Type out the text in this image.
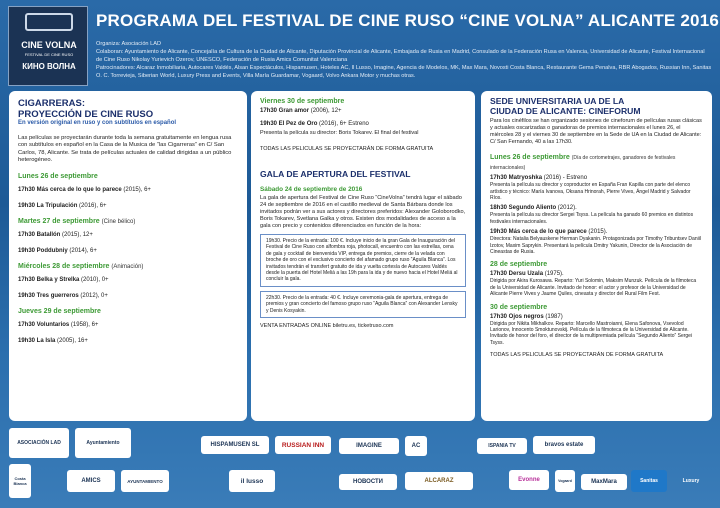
CINE VOLNA
FESTIVAL DE CINE RUSO
КИНО ВОЛНА
PROGRAMA DEL FESTIVAL DE CINE RUSO “CINE VOLNA” ALICANTE 2016

Organiza: Asociación LAD

Colaboran: Ayuntamiento de Alicante, Concejalía de Cultura de la Ciudad de Alicante, Diputación Provincial de Alicante, Embajada de Rusia en Madrid, Consulado de la Federación Rusa en Valencia, Universidad de Alicante, Festival Internacional de Cine Ruso Nikolay Yurievich Ozerov, UNESCO, Federación de Rusia Amics Comunitat Valenciana

Patrocinadores: Alcaraz Inmobiliaria, Autocares Valdés, Alsan Espectáculos, Hispamusen, Hoteles AC, Il Lusso, Imagine, Agencia de Modelos, MK, Max Mara, Novosti Costa Blanca, Restaurante Gema Penalva, RBR Abogados, Russian Inn, Sanitas O. C. Torrevieja, Siberian World, Luxury Press and Events, Villa María Guardamar, Vogaard, Volvo Ankara Motor y muchas otras.

CIGARRERAS:
PROYECCIÓN DE CINE RUSO
En versión original en ruso y con subtítulos en español
Las películas se proyectarán durante toda la semana gratuitamente en lengua rusa con subtítulos en español en la Casa de la Musica de “las Cigarreras” en C/ San Carlos, 78, Alicante. Se trata de películas actuales de calidad dirigidas a un público heterogéneo.
Lunes 26 de septiembre
17h30 Más cerca de lo que lo parece (2015), 6+
19h30 La Tripulación (2016), 6+
Martes 27 de septiembre (Cine bélico)
17h30 Batallón (2015), 12+
19h30 Poddubniy (2014), 6+
Miércoles 28 de septiembre (Animación)
17h30 Belka y Strelka (2010), 0+
19h30 Tres guerreros (2012), 0+
Jueves 29 de septiembre
17h30 Voluntarios (1958), 6+
19h30 La Isla (2005), 16+
Viernes 30 de septiembre
17h30 Gran amor (2006), 12+
19h30 El Pez de Oro (2016), 6+ Estreno
Presenta la película su director: Boris Tokarev. El final del festival
TODAS LAS PELICULAS SE PROYECTARÁN DE FORMA GRATUITA
GALA DE APERTURA DEL FESTIVAL
Sábado 24 de septiembre de 2016
La gala de apertura del Festival de Cine Ruso “CineVolna” tendrá lugar el sábado 24 de septiembre de 2016 en el castillo medieval de Santa Bárbara donde los invitados podrán ver a sus actores y directores preferidos: Alexander Goloborodko, Boris Tokarev, Svetlana Galka y otros. Existen dos modalidades de acceso a la gala con precio y contenidos diferenciados en función de la hora:
19h30. Precio de la entrada: 100 €. Incluye inicio de la gran Gala de Inauguración del Festival de Cine Ruso con alfombra roja, photocall, encuentro con las estrellas, cena de gala y cocktail de bienvenida VIP, entrega de premios, cierre de la velada con broche de oro con el exclusivo concierto del afamado grupo ruso “Aguila Blanca”. Los invitados tendrán el transfert gratuito de ida y vuelta cortesía de Autocares Valdés desde la puerta del Hotel Meliá a las 19h para la ida y de nuevo hacia el Hotel Meliá al concluir la gala.
22h30. Precio de la entrada: 40 €. Incluye ceremonia-gala de apertura, entrega de premios y gran concierto del famoso grupo ruso “Aguila Blanca” con Alexander Lensky y Denis Kosyakin.
VENTA ENTRADAS ONLINE biletru.es, ticketruso.com
SEDE UNIVERSITARIA UA DE LA
CIUDAD DE ALICANTE: CINEFORUM
Para los cinéfilos se han organizado sesiones de cineforum de películas rusas clásicas y actuales oscarizadas o ganadoras de premios internacionales el lunes 26, el miércoles 28 y el viernes 30 de septiembre en la Sede de UA en la Ciudad de Alicante: C/ San Fernando, 40 a las 17h30.
Lunes 26 de septiembre (Día de cortometrajes, ganadores de festivales internacionales)
17h30 Matryoshka (2016) - Estreno
Presenta la película su director y coproductor en España Fran Kapilla con parte del elenco artístico y técnico: María Ivanova, Oksana Hrinorah, Pierre Vives, Ángel Madrid y Salvador Ríos.
18h30 Segundo Aliento (2012).
Presenta la película su director Sergei Tsyss. La película ha ganado 60 premios en distintos festivales internacionales.
19h30 Más cerca de lo que parece (2015).
Directora: Natalia Belyauskene Herman Dyakanin. Protagonizada por Timothy Tribuntsev Daniil Izotov, Maxim Saprykin. Presentará la película Dmitry Yakunin, Director de la Asociación de Cineastas de Rusia.
28 de septiembre
17h30 Dersu Uzala (1975).
Dirigida por Akira Kurosawa. Reparto: Yuri Solomin, Maksim Munzuk. Película de la filmoteca de la Universidad de Alicante. Invitado de honor: el actor y profesor de la Universidad de Alicante Pierre Vives y Jaume Quiles, cineasta y director del Rural Film Fest.
30 de septiembre
17h30 Ojos negros (1987)
Dirigida por Nikita Mikhalkov. Reparto: Marcello Mastroianni, Elena Safonova, Vsevolod Larionov, Innocento Smoktunovskij. Película de la filmoteca de la Universidad de Alicante. Invitado de honor del foro, el director de la multipremiada película “Segundo Aliento” Sergei Tsyss.
TODAS LAS PELICULAS SE PROYECTARÁN DE FORMA GRATUITA
ASOCIACIÓN LAD	Ayuntamiento	HISPAMUSEN SL	RUSSIAN INN	IMAGINE	AC	ISPANIA TV	bravos estate
Costa Blanca	AMICS	AYUNTAMIENTO	il lusso	НОВОСТИ	ALCARAZ	Evonne	Vogaard	MaxMara	Sanitas	Luxury
